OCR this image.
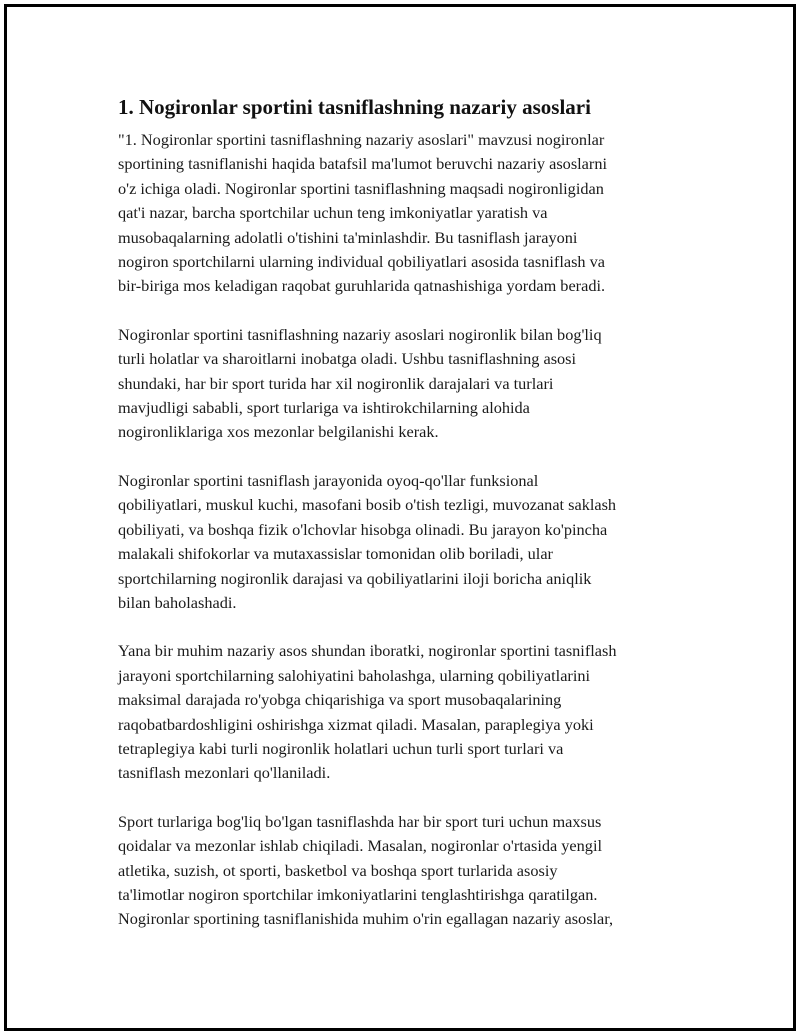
1. Nogironlar sportini tasniflashning nazariy asoslari

"1. Nogironlar sportini tasniflashning nazariy asoslari" mavzusi nogironlar
sportining tasniflanishi haqida batafsil ma'lumot beruvchi nazariy asoslarni
o'z ichiga oladi. Nogironlar sportini tasniflashning maqsadi nogironligidan
qat'i nazar, barcha sportchilar uchun teng imkoniyatlar yaratish va
musobaqalarning adolatli o'tishini ta'minlashdir. Bu tasniflash jarayoni
nogiron sportchilarni ularning individual qobiliyatlari asosida tasniflash va
bir-biriga mos keladigan raqobat guruhlarida qatnashishiga yordam beradi.

Nogironlar sportini tasniflashning nazariy asoslari nogironlik bilan bog'liq
turli holatlar va sharoitlarni inobatga oladi. Ushbu tasniflashning asosi
shundaki, har bir sport turida har xil nogironlik darajalari va turlari
mavjudligi sababli, sport turlariga va ishtirokchilarning alohida
nogironliklariga xos mezonlar belgilanishi kerak.

Nogironlar sportini tasniflash jarayonida oyoq-qo'llar funksional
qobiliyatlari, muskul kuchi, masofani bosib o'tish tezligi, muvozanat saklash
qobiliyati, va boshqa fizik o'lchovlar hisobga olinadi. Bu jarayon ko'pincha
malakali shifokorlar va mutaxassislar tomonidan olib boriladi, ular
sportchilarning nogironlik darajasi va qobiliyatlarini iloji boricha aniqlik
bilan baholashadi.

Yana bir muhim nazariy asos shundan iboratki, nogironlar sportini tasniflash
jarayoni sportchilarning salohiyatini baholashga, ularning qobiliyatlarini
maksimal darajada ro'yobga chiqarishiga va sport musobaqalarining
raqobatbardoshligini oshirishga xizmat qiladi. Masalan, paraplegiya yoki
tetraplegiya kabi turli nogironlik holatlari uchun turli sport turlari va
tasniflash mezonlari qo'llaniladi.

Sport turlariga bog'liq bo'lgan tasniflashda har bir sport turi uchun maxsus
qoidalar va mezonlar ishlab chiqiladi. Masalan, nogironlar o'rtasida yengil
atletika, suzish, ot sporti, basketbol va boshqa sport turlarida asosiy
ta'limotlar nogiron sportchilar imkoniyatlarini tenglashtirishga qaratilgan.
Nogironlar sportining tasniflanishida muhim o'rin egallagan nazariy asoslar,
